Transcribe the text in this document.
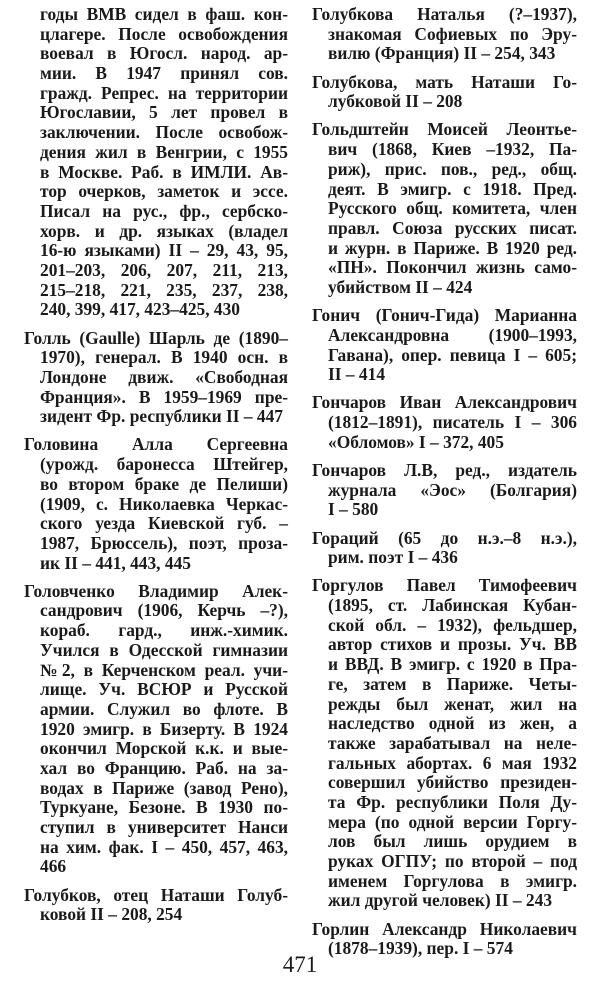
годы ВМВ сидел в фаш. кон-
цлагере. После освобождения
воевал в Югосл. народ. ар-
мии. В 1947 принял сов.
гражд. Репрес. на территории
Югославии, 5 лет провел в
заключении. После освобож-
дения жил в Венгрии, с 1955
в Москве. Раб. в ИМЛИ. Ав-
тор очерков, заметок и эссе.
Писал на рус., фр., сербско-
хорв. и др. языках (владел
16-ю языками) II – 29, 43, 95,
201–203, 206, 207, 211, 213,
215–218, 221, 235, 237, 238,
240, 399, 417, 423–425, 430
Голль (Gaulle) Шарль де (1890–
1970), генерал. В 1940 осн. в
Лондоне движ. «Свободная
Франция». В 1959–1969 пре-
зидент Фр. республики II – 447
Головина Алла Сергеевна
(урожд. баронесса Штейгер,
во втором браке де Пелиши)
(1909, с. Николаевка Черкас-
ского уезда Киевской губ. –
1987, Брюссель), поэт, проза-
ик II – 441, 443, 445
Головченко Владимир Алек-
сандрович (1906, Керчь –?),
кораб. гард., инж.-химик.
Учился в Одесской гимназии
№2, в Керченском реал. учи-
лище. Уч. ВСЮР и Русской
армии. Служил во флоте. В
1920 эмигр. в Бизерту. В 1924
окончил Морской к.к. и вые-
хал во Францию. Раб. на за-
водах в Париже (завод Рено),
Туркуане, Безоне. В 1930 по-
ступил в университет Нанси
на хим. фак. I – 450, 457, 463,
466
Голубков, отец Наташи Голуб-
ковой II – 208, 254
Голубкова Наталья (?–1937),
знакомая Софиевых по Эру-
вилю (Франция) II – 254, 343
Голубкова, мать Наташи Го-
лубковой II – 208
Гольдштейн Моисей Леонтье-
вич (1868, Киев –1932, Па-
риж), прис. пов., ред., общ.
деят. В эмигр. с 1918. Пред.
Русского общ. комитета, член
правл. Союза русских писат.
и журн. в Париже. В 1920 ред.
«ПН». Покончил жизнь само-
убийством II – 424
Гонич (Гонич-Гида) Марианна
Александровна (1900–1993,
Гавана), опер. певица I – 605;
II – 414
Гончаров Иван Александрович
(1812–1891), писатель I – 306
«Обломов» I – 372, 405
Гончаров Л.В, ред., издатель
журнала «Эос» (Болгария)
I – 580
Гораций (65 до н.э.–8 н.э.),
рим. поэт I – 436
Горгулов Павел Тимофеевич
(1895, ст. Лабинская Кубан-
ской обл. – 1932), фельдшер,
автор стихов и прозы. Уч. ВВ
и ВВД. В эмигр. с 1920 в Пра-
ге, затем в Париже. Четы-
режды был женат, жил на
наследство одной из жен, а
также зарабатывал на неле-
гальных абортах. 6 мая 1932
совершил убийство президен-
та Фр. республики Поля Ду-
мера (по одной версии Горгу-
лов был лишь орудием в
руках ОГПУ; по второй – под
именем Горгулова в эмигр.
жил другой человек) II – 243
Горлин Александр Николаевич
(1878–1939), пер. I – 574
471
